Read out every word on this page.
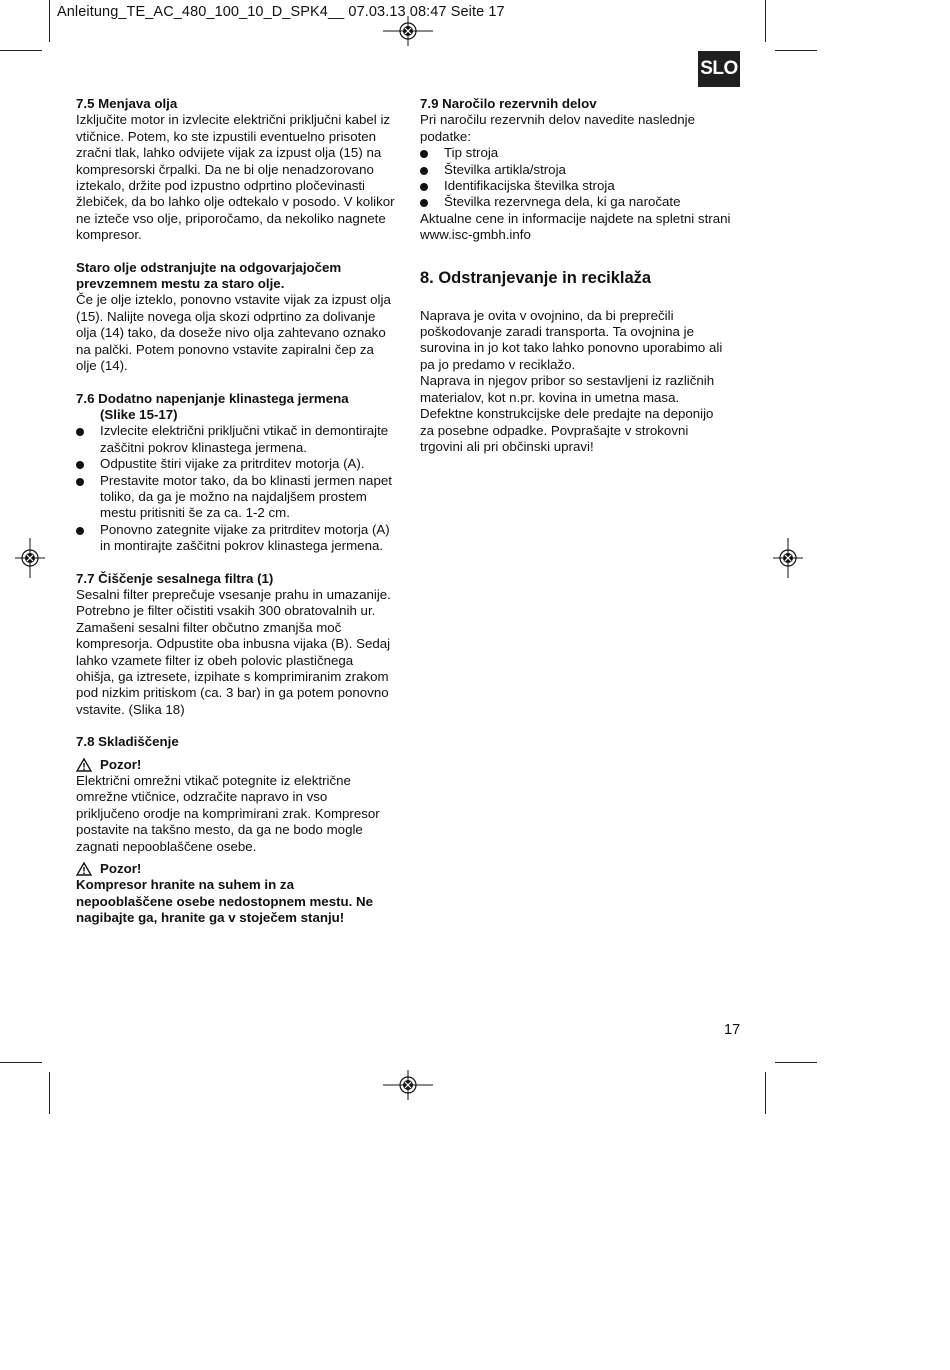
Anleitung_TE_AC_480_100_10_D_SPK4__ 07.03.13 08:47 Seite 17
SLO

7.5 Menjava olja

Izključite motor in izvlecite električni priključni kabel iz
vtičnice. Potem, ko ste izpustili eventuelno prisoten
zračni tlak, lahko odvijete vijak za izpust olja (15) na
kompresorski črpalki. Da ne bi olje nenadzorovano
iztekalo, držite pod izpustno odprtino pločevinasti
žlebiček, da bo lahko olje odtekalo v posodo. V kolikor
ne izteče vso olje, priporočamo, da nekoliko nagnete
kompresor.

Staro olje odstranjujte na odgovarjajočem
prevzemnem mestu za staro olje.

Če je olje izteklo, ponovno vstavite vijak za izpust olja
(15). Nalijte novega olja skozi odprtino za dolivanje
olja (14) tako, da doseže nivo olja zahtevano oznako
na palčki. Potem ponovno vstavite zapiralni čep za
olje (14).

7.6 Dodatno napenjanje klinastega jermena
(Slike 15-17)

Izvlecite električni priključni vtikač in demontirajte
zaščitni pokrov klinastega jermena.
Odpustite štiri vijake za pritrditev motorja (A).
Prestavite motor tako, da bo klinasti jermen napet
toliko, da ga je možno na najdaljšem prostem
mestu pritisniti še za ca. 1-2 cm.
Ponovno zategnite vijake za pritrditev motorja (A)
in montirajte zaščitni pokrov klinastega jermena.

7.7 Čiščenje sesalnega filtra (1)

Sesalni filter preprečuje vsesanje prahu in umazanije.
Potrebno je filter očistiti vsakih 300 obratovalnih ur.
Zamašeni sesalni filter občutno zmanjša moč
kompresorja. Odpustite oba inbusna vijaka (B). Sedaj
lahko vzamete filter iz obeh polovic plastičnega
ohišja, ga iztresete, izpihate s komprimiranim zrakom
pod nizkim pritiskom (ca. 3 bar) in ga potem ponovno
vstavite. (Slika 18)

7.8 Skladiščenje

Pozor!

Električni omrežni vtikač potegnite iz električne
omrežne vtičnice, odzračite napravo in vso
priključeno orodje na komprimirani zrak. Kompresor
postavite na takšno mesto, da ga ne bodo mogle
zagnati nepooblaščene osebe.

Pozor!

Kompresor hranite na suhem in za
nepooblaščene osebe nedostopnem mestu. Ne
nagibajte ga, hranite ga v stoječem stanju!

7.9 Naročilo rezervnih delov

Pri naročilu rezervnih delov navedite naslednje
podatke:

Tip stroja
Številka artikla/stroja
Identifikacijska številka stroja
Številka rezervnega dela, ki ga naročate

Aktualne cene in informacije najdete na spletni strani
www.isc-gmbh.info

8. Odstranjevanje in reciklaža

Naprava je ovita v ovojnino, da bi preprečili
poškodovanje zaradi transporta. Ta ovojnina je
surovina in jo kot tako lahko ponovno uporabimo ali
pa jo predamo v reciklažo.

Naprava in njegov pribor so sestavljeni iz različnih
materialov, kot n.pr. kovina in umetna masa.
Defektne konstrukcijske dele predajte na deponijo
za posebne odpadke. Povprašajte v strokovni
trgovini ali pri občinski upravi!

17
